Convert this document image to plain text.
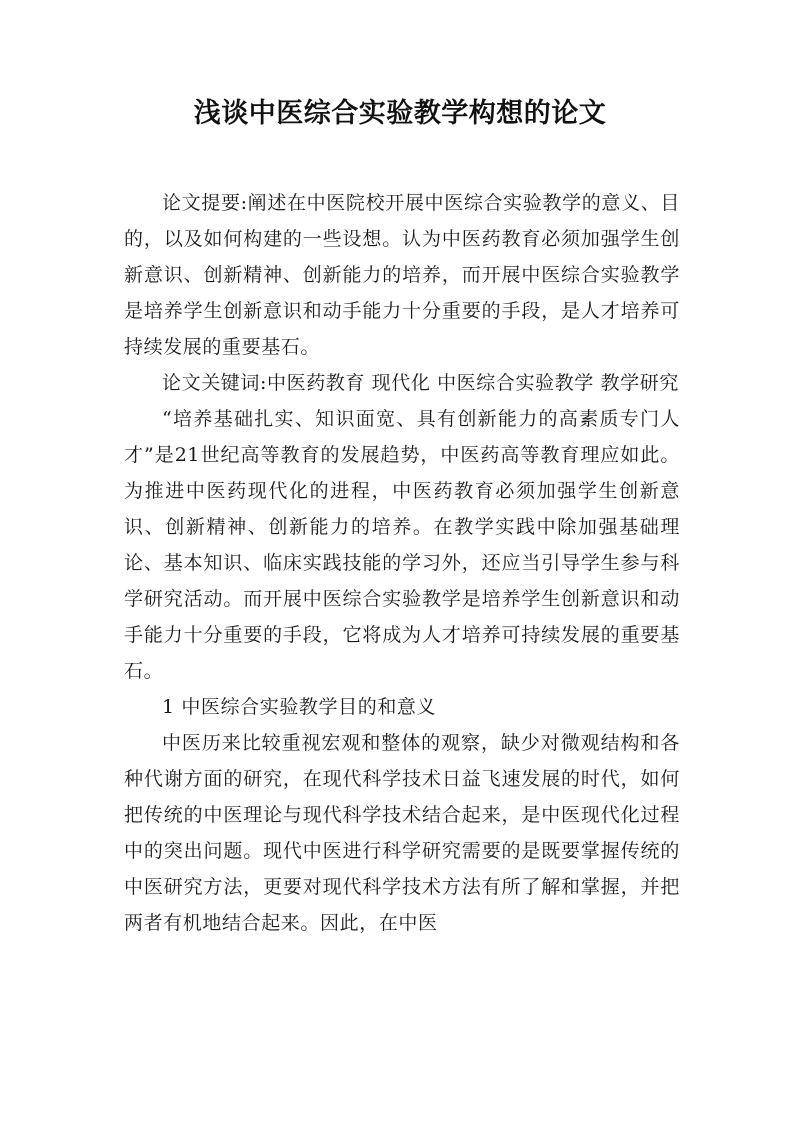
浅谈中医综合实验教学构想的论文

论文提要:阐述在中医院校开展中医综合实验教学的意义、目的，以及如何构建的一些设想。认为中医药教育必须加强学生创新意识、创新精神、创新能力的培养，而开展中医综合实验教学是培养学生创新意识和动手能力十分重要的手段，是人才培养可持续发展的重要基石。

论文关键词:中医药教育 现代化 中医综合实验教学 教学研究

“培养基础扎实、知识面宽、具有创新能力的高素质专门人才”是21世纪高等教育的发展趋势，中医药高等教育理应如此。为推进中医药现代化的进程，中医药教育必须加强学生创新意识、创新精神、创新能力的培养。在教学实践中除加强基础理论、基本知识、临床实践技能的学习外，还应当引导学生参与科学研究活动。而开展中医综合实验教学是培养学生创新意识和动手能力十分重要的手段，它将成为人才培养可持续发展的重要基石。

1 中医综合实验教学目的和意义

中医历来比较重视宏观和整体的观察，缺少对微观结构和各种代谢方面的研究，在现代科学技术日益飞速发展的时代，如何把传统的中医理论与现代科学技术结合起来，是中医现代化过程中的突出问题。现代中医进行科学研究需要的是既要掌握传统的中医研究方法，更要对现代科学技术方法有所了解和掌握，并把两者有机地结合起来。因此，在中医
